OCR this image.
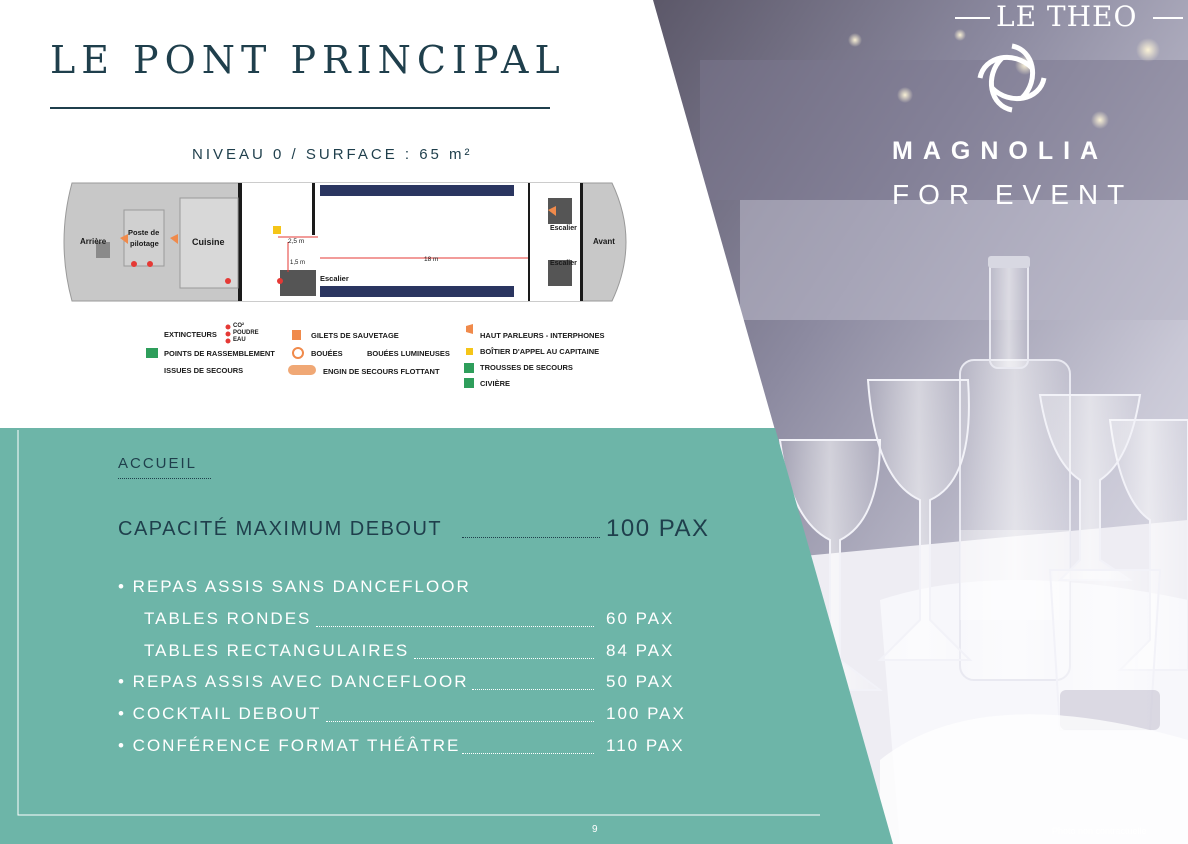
LE PONT PRINCIPAL
NIVEAU 0 / SURFACE : 65 m²
Arrière
Poste de
pilotage	Cuisine	Avant
Escalier
Escalier
Escalier
2,5 m
1,5 m	18 m
EXTINCTEURS
CO²
POUDRE
EAU
POINTS DE RASSEMBLEMENT
ISSUES DE SECOURS
GILETS DE SAUVETAGE
BOUÉES	BOUÉES LUMINEUSES
ENGIN DE SECOURS FLOTTANT
HAUT PARLEURS - INTERPHONES
BOÎTIER D'APPEL AU CAPITAINE
TROUSSES DE SECOURS
CIVIÈRE
ACCUEIL
CAPACITÉ MAXIMUM DEBOUT	100 PAX
• REPAS ASSIS SANS DANCEFLOOR
TABLES RONDES	60 PAX
TABLES RECTANGULAIRES	84 PAX
• REPAS ASSIS AVEC DANCEFLOOR	50 PAX
• COCKTAIL DEBOUT	100 PAX
• CONFÉRENCE FORMAT THÉÂTRE	110 PAX
9	Photo non contractuelle
LE THEO
MAGNOLIA
FOR EVENT
